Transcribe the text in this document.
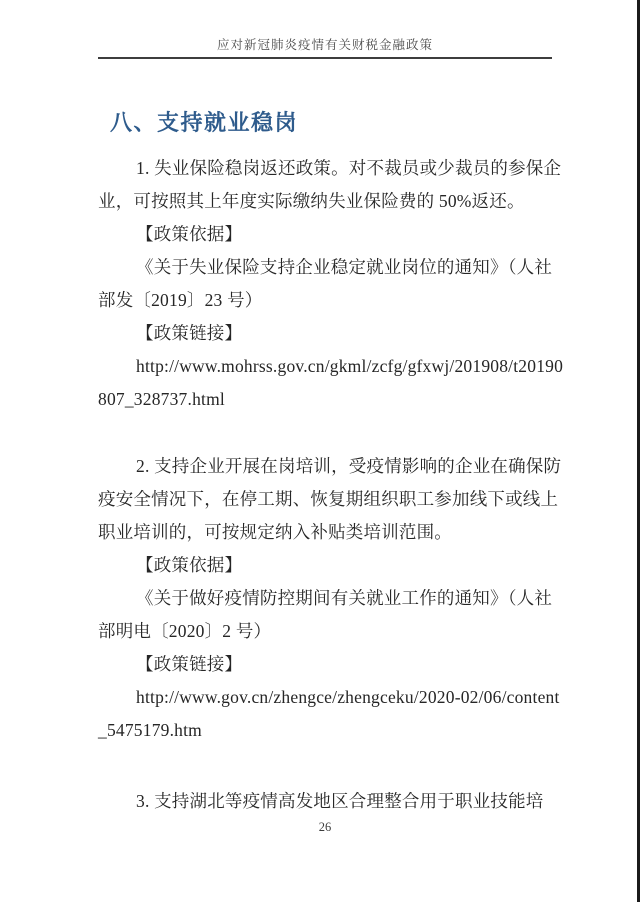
应对新冠肺炎疫情有关财税金融政策
八、支持就业稳岗
1. 失业保险稳岗返还政策。对不裁员或少裁员的参保企
业，可按照其上年度实际缴纳失业保险费的 50%返还。
【政策依据】
《关于失业保险支持企业稳定就业岗位的通知》（人社
部发〔2019〕23 号）
【政策链接】
http://www.mohrss.gov.cn/gkml/zcfg/gfxwj/201908/t20190
807_328737.html
2. 支持企业开展在岗培训，受疫情影响的企业在确保防
疫安全情况下，在停工期、恢复期组织职工参加线下或线上
职业培训的，可按规定纳入补贴类培训范围。
【政策依据】
《关于做好疫情防控期间有关就业工作的通知》（人社
部明电〔2020〕2 号）
【政策链接】
http://www.gov.cn/zhengce/zhengceku/2020-02/06/content
_5475179.htm
3. 支持湖北等疫情高发地区合理整合用于职业技能培
26
